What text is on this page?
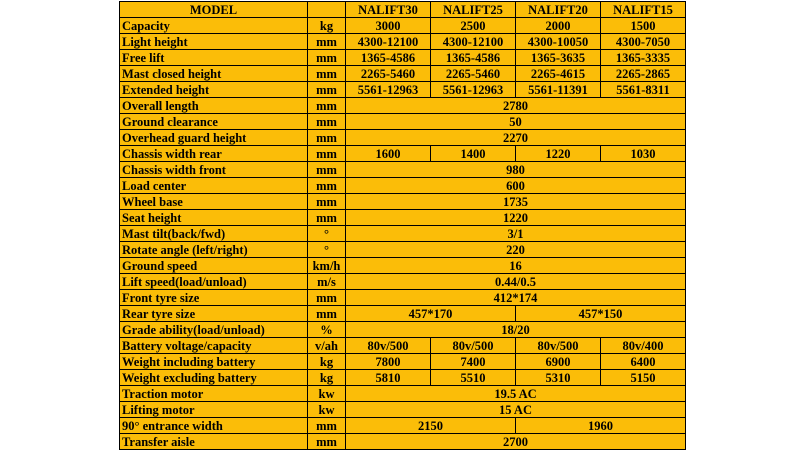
MODEL		NALIFT30	NALIFT25	NALIFT20	NALIFT15
Capacity	kg	3000	2500	2000	1500
Light height	mm	4300-12100	4300-12100	4300-10050	4300-7050
Free lift	mm	1365-4586	1365-4586	1365-3635	1365-3335
Mast closed height	mm	2265-5460	2265-5460	2265-4615	2265-2865
Extended height	mm	5561-12963	5561-12963	5561-11391	5561-8311
Overall length	mm	2780			
Ground clearance	mm	50			
Overhead guard height	mm	2270			
Chassis width rear	mm	1600	1400	1220	1030
Chassis width front	mm	980			
Load center	mm	600			
Wheel base	mm	1735			
Seat height	mm	1220			
Mast tilt(back/fwd)	°	3/1			
Rotate angle (left/right)	°	220			
Ground speed	km/h	16			
Lift speed(load/unload)	m/s	0.44/0.5			
Front tyre size	mm	412*174			
Rear tyre size	mm	457*170		457*150	
Grade ability(load/unload)	%	18/20			
Battery voltage/capacity	v/ah	80v/500	80v/500	80v/500	80v/400
Weight including battery	kg	7800	7400	6900	6400
Weight excluding battery	kg	5810	5510	5310	5150
Traction motor	kw	19.5 AC			
Lifting motor	kw	15 AC			
90° entrance width	mm	2150		1960	
Transfer aisle	mm	2700			
